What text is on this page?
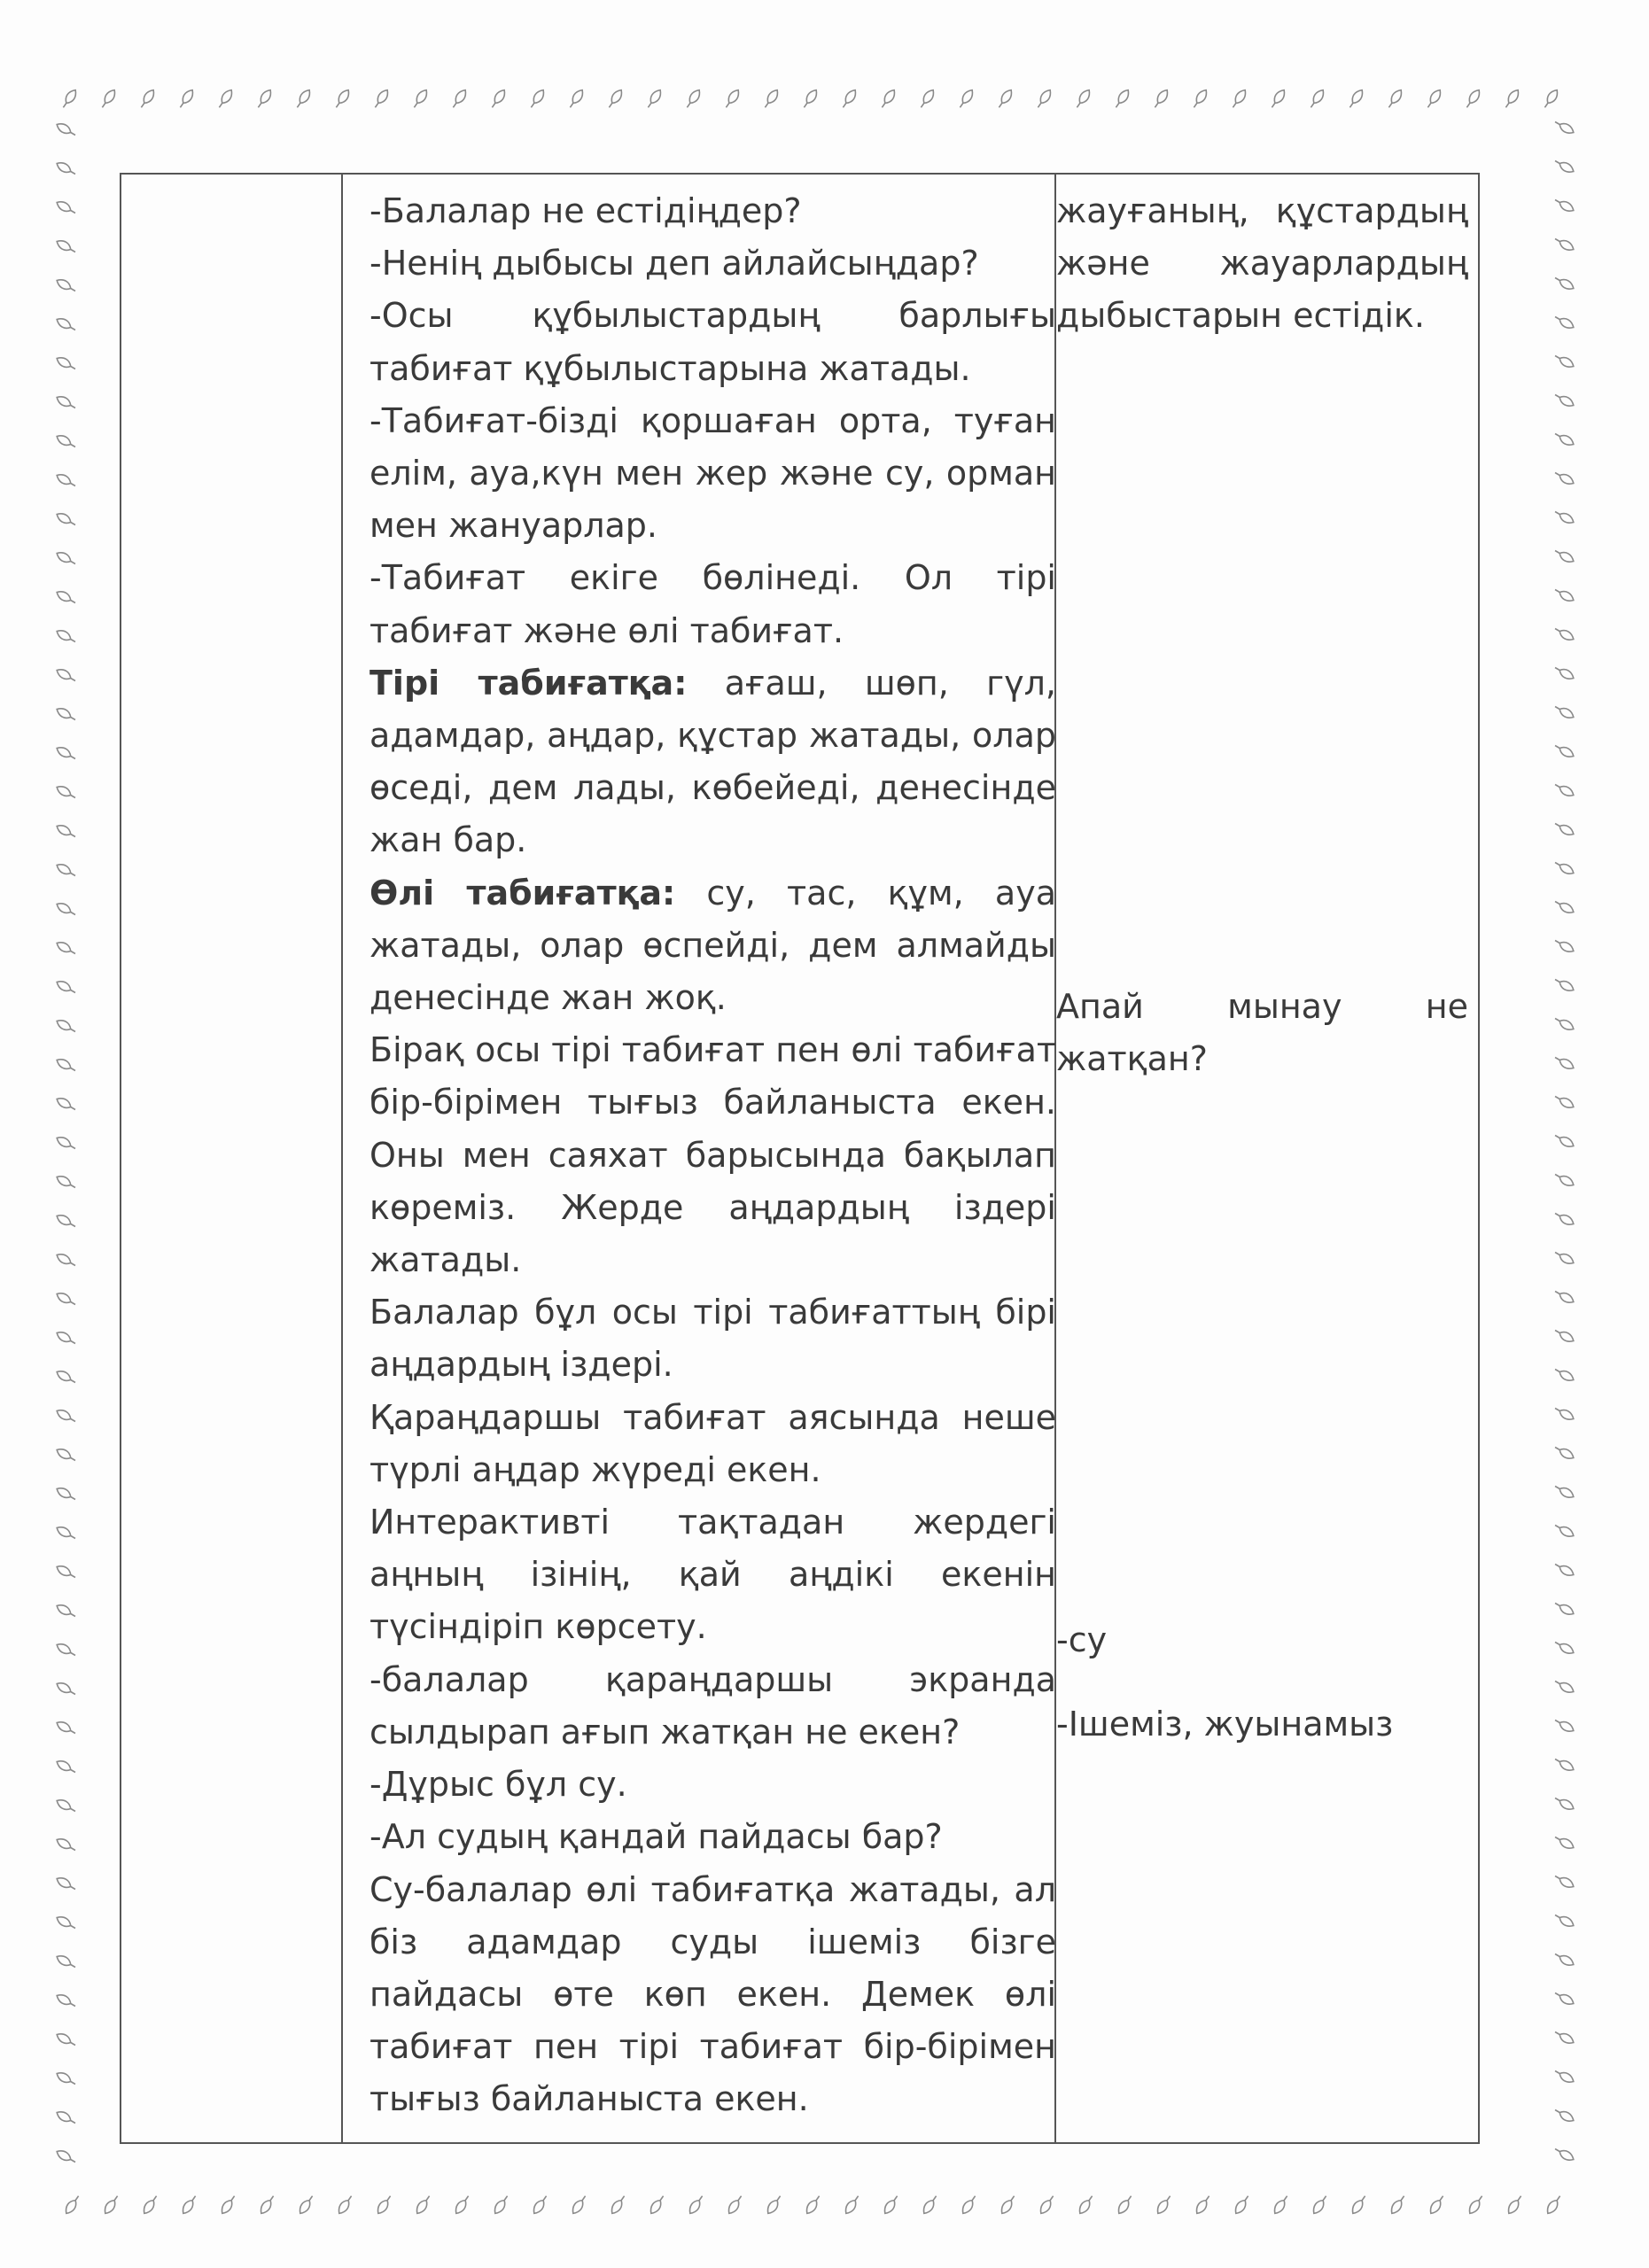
-Балалар не естідіңдер?

-Ненің дыбысы деп айлайсыңдар?

-Осы құбылыстардың барлығы табиғат құбылыстарына жатады.

-Табиғат-бізді қоршаған орта, туған елім, ауа,күн мен жер және су, орман мен жануарлар.

-Табиғат екігe бөлінеді. Ол тірі табиғат және өлі табиғат.

Тірі табиғатқа: ағаш, шөп, гүл, адамдар, аңдар, құстар жатады, олар өседі, дем лады, көбейеді, денесінде жан бар.

Өлі табиғатқа: су, тас, құм, ауа жатады, олар өспейді, дем алмайды денесінде жан жоқ.

Бірақ осы тірі табиғат пен өлі табиғат бір-бірімен тығыз байланыста екен. Оны мен саяхат барысында бақылап көреміз. Жерде аңдардың іздері жатады.

Балалар бұл осы тірі табиғаттың бірі аңдардың іздері.

Қараңдаршы табиғат аясында неше түрлі аңдар жүреді екен.

Интерактивті тақтадан жердегі аңның ізінің, қай аңдікі екенін түсіндіріп көрсету.

-балалар қараңдаршы экранда сылдырап ағып жатқан не екен?

-Дұрыс бұл су.

-Ал судың қандай пайдасы бар?

Су-балалар өлі табиғатқа жатады, ал біз адамдар суды ішеміз бізге пайдасы өте көп екен. Демек өлі табиғат пен тірі табиғат бір-бірімен тығыз байланыста екен.

жауғаның, құстардың және жауарлардың дыбыстарын естідік.

Апай мынау не жатқан?

-су

-Ішеміз, жуынамыз
